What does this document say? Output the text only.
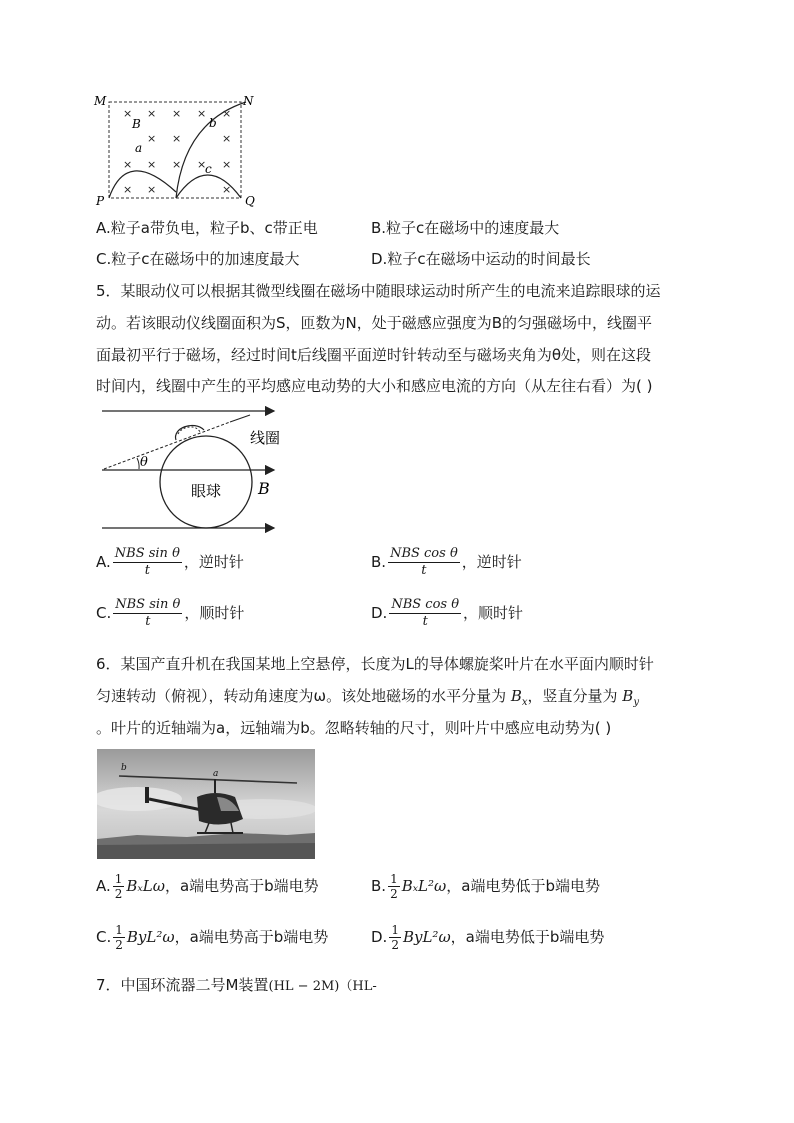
× × × × ×
× ×	×
× × × × ×
× ×	×
M	N
P	Q
B
a
b
c
A.粒子a带负电，粒子b、c带正电	B.粒子c在磁场中的速度最大
C.粒子c在磁场中的加速度最大	D.粒子c在磁场中运动的时间最长
5．某眼动仪可以根据其微型线圈在磁场中随眼球运动时所产生的电流来追踪眼球的运
动。若该眼动仪线圈面积为S，匝数为N，处于磁感应强度为B的匀强磁场中，线圈平
面最初平行于磁场，经过时间t后线圈平面逆时针转动至与磁场夹角为θ处，则在这段
时间内，线圈中产生的平均感应电动势的大小和感应电流的方向（从左往右看）为( )
θ
线圈
眼球 B
A. $\frac{\text{NBS sin θ}}{t}$ ，逆时针	B. $\frac{\text{NBS cos θ}}{t}$ ，逆时针
C. $\frac{\text{NBS sin θ}}{t}$ ，顺时针	D. $\frac{\text{NBS cos θ}}{t}$ ，顺时针
6．某国产直升机在我国某地上空悬停，长度为L的导体螺旋桨叶片在水平面内顺时针
匀速转动（俯视），转动角速度为ω。该处地磁场的水平分量为 $B_x$，竖直分量为 $B_y$
。叶片的近轴端为a，远轴端为b。忽略转轴的尺寸，则叶片中感应电动势为( )
b
a
A. $\frac{1}{2}$ BₓLω，a端电势高于b端电势	B. $\frac{1}{2} B_xL^2\omega$，a端电势低于b端电势
C. $\frac{1}{2} ByL^2\omega$，a端电势高于b端电势	D. $\frac{1}{2} ByL^2\omega$，a端电势低于b端电势
7．中国环流器二号M装置(HL − 2M)（HL-
